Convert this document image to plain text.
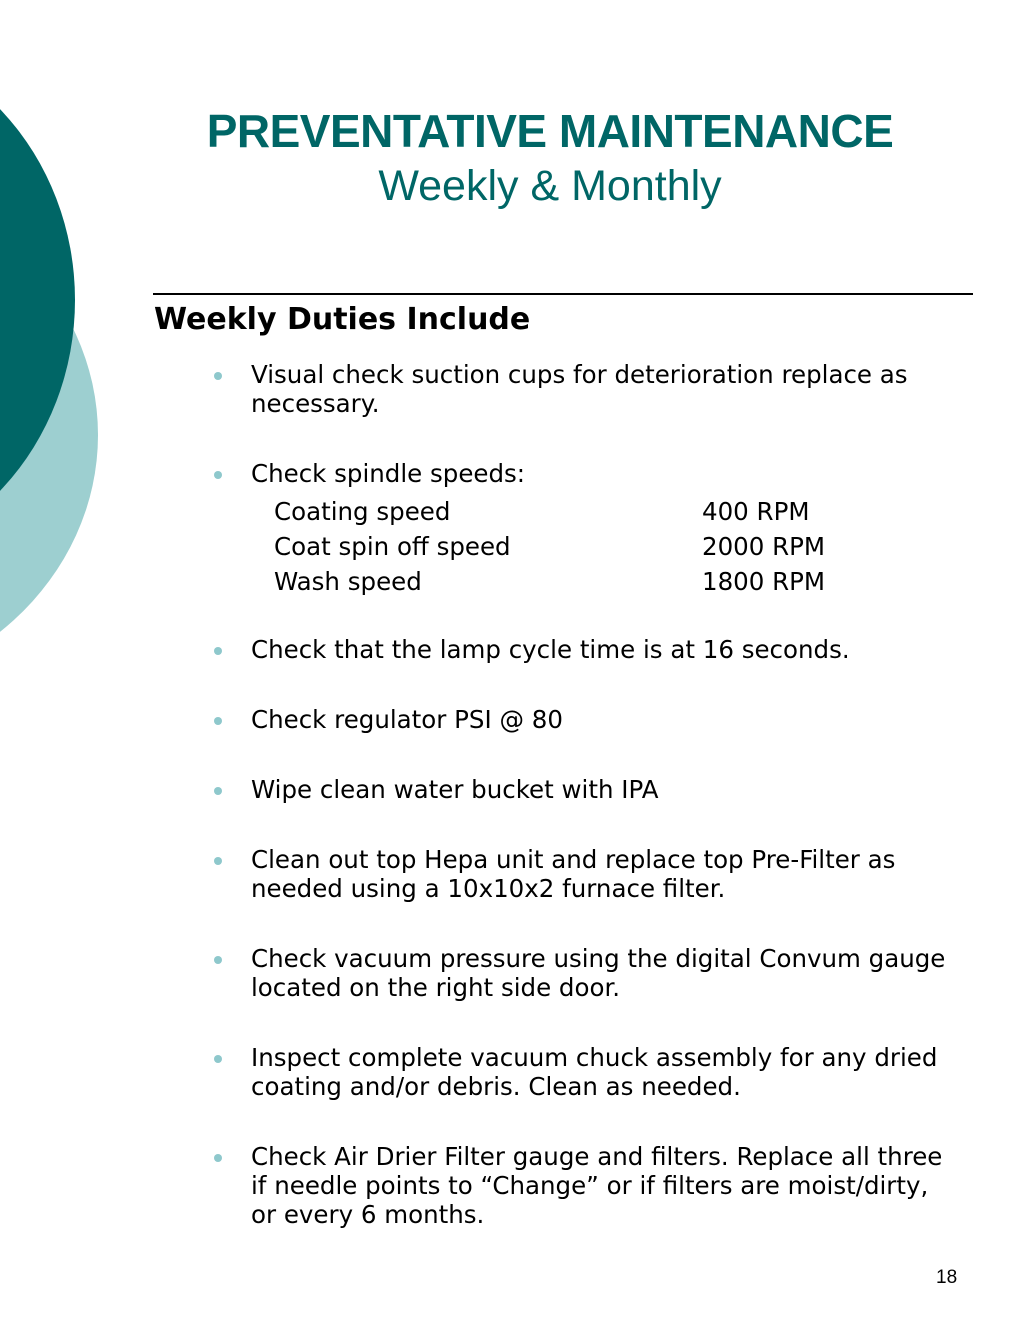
PREVENTATIVE MAINTENANCE
Weekly & Monthly
Weekly Duties Include
Visual check suction cups for deterioration replace as necessary.
Check spindle speeds:
Coating speed	400 RPM
Coat spin off speed	2000 RPM
Wash speed	1800 RPM
Check that the lamp cycle time is at 16 seconds.
Check regulator PSI @ 80
Wipe clean water bucket with IPA
Clean out top Hepa unit and replace top Pre-Filter as needed using a 10x10x2 furnace filter.
Check vacuum pressure using the digital Convum gauge located on the right side door.
Inspect complete vacuum chuck assembly for any dried coating and/or debris. Clean as needed.
Check Air Drier Filter gauge and filters. Replace all three if needle points to “Change” or if filters are moist/dirty, or every 6 months.
18
